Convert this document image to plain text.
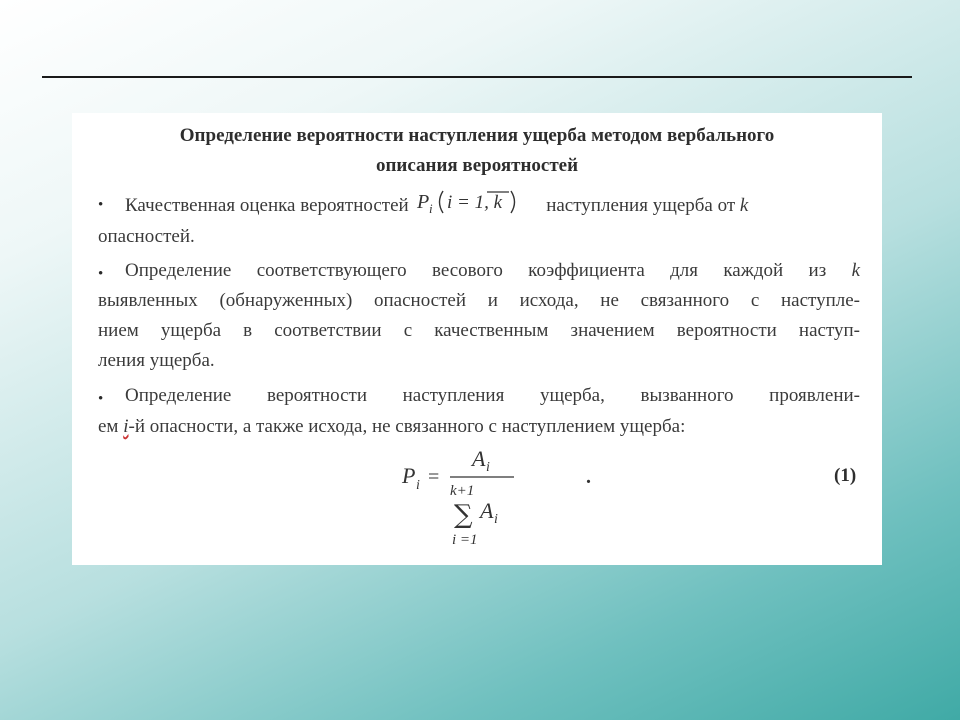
Определение вероятности наступления ущерба методом вербального
описания вероятностей
• Качественная оценка вероятностей P i i = 1, k наступления ущерба от k
опасностей.
• Определение соответствующего весового коэффициента для каждой из k
выявленных (обнаруженных) опасностей и исхода, не связанного с наступле-
нием ущерба в соответствии с качественным значением вероятности наступ-
ления ущерба.
• Определение вероятности наступления ущерба, вызванного проявлени-
ем i-й опасности, а также исхода, не связанного с наступлением ущерба:
P i =
A i
k+1
∑ A i
i =1
.	(1)
